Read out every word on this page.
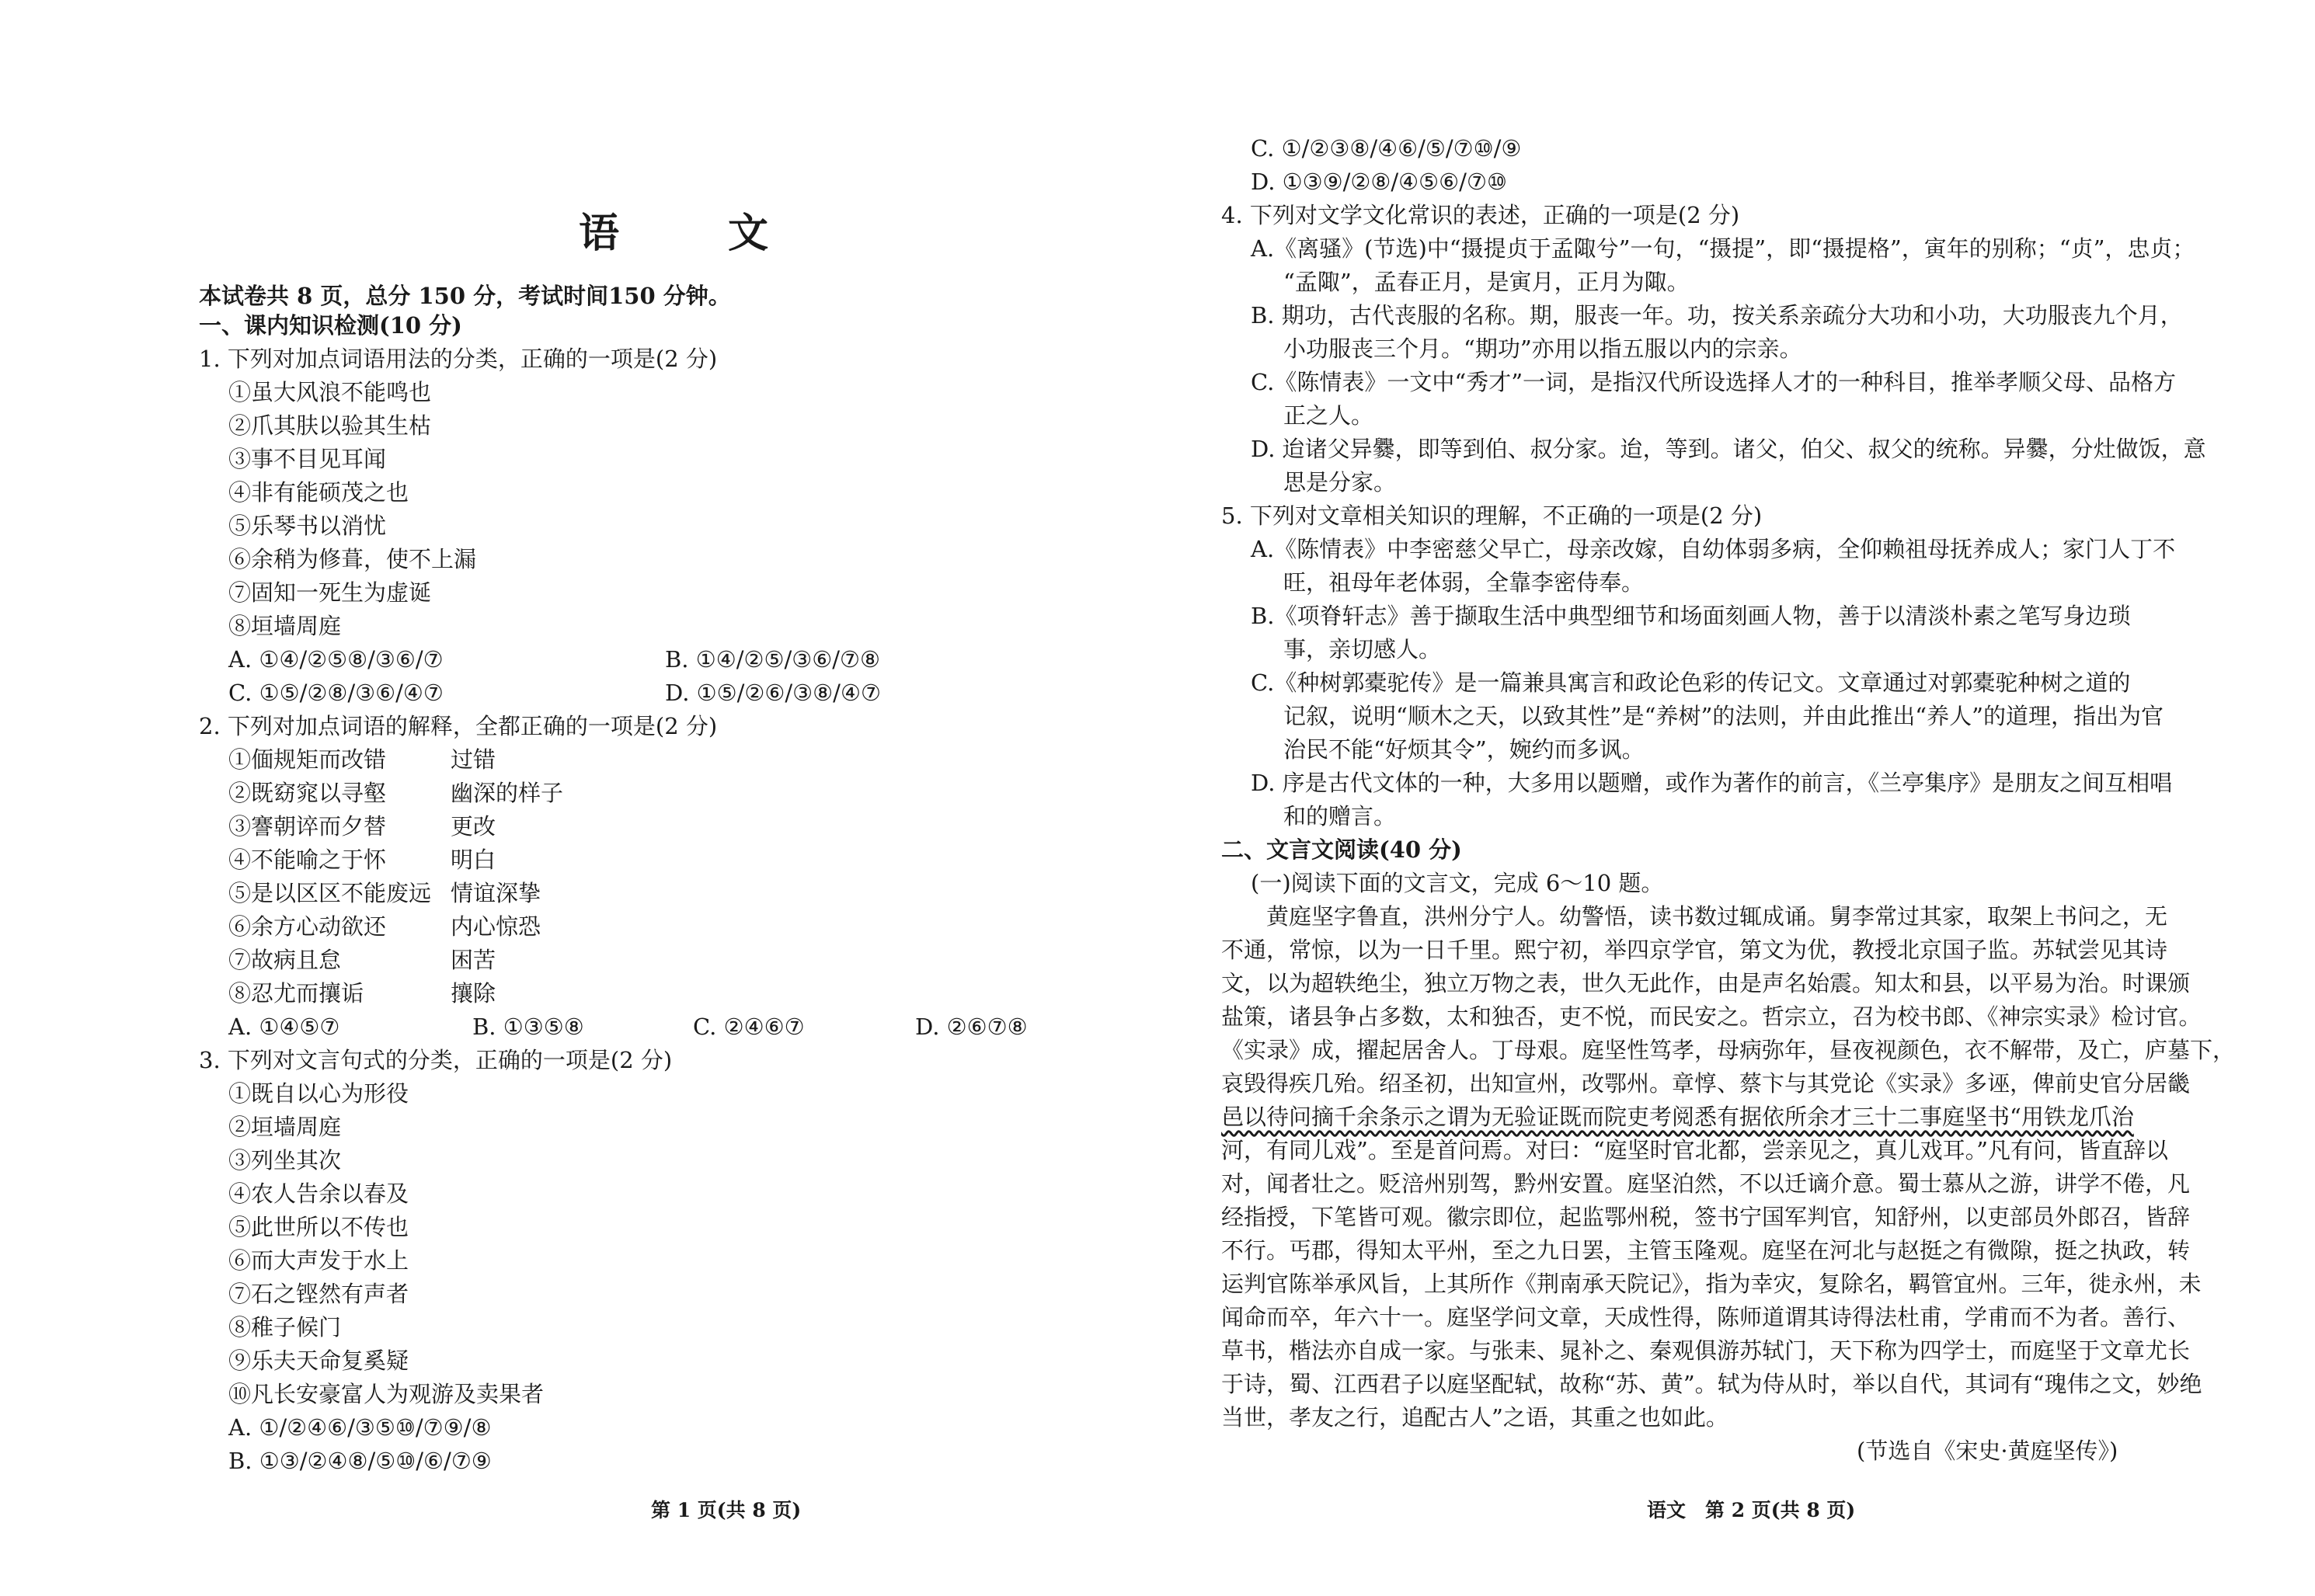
语　文
本试卷共 8 页，总分 150 分，考试时间150 分钟。
一、课内知识检测(10 分)
1. 下列对加点词语用法的分类，正确的一项是(2 分)
①虽大风浪不能鸣也
②爪其肤以验其生枯
③事不目见耳闻
④非有能硕茂之也
⑤乐琴书以消忧
⑥余稍为修葺，使不上漏
⑦固知一死生为虚诞
⑧垣墙周庭
A. ①④/②⑤⑧/③⑥/⑦	B. ①④/②⑤/③⑥/⑦⑧
C. ①⑤/②⑧/③⑥/④⑦	D. ①⑤/②⑥/③⑧/④⑦
2. 下列对加点词语的解释，全都正确的一项是(2 分)
①偭规矩而改错	过错
②既窈窕以寻壑	幽深的样子
③謇朝谇而夕替	更改
④不能喻之于怀	明白
⑤是以区区不能废远 情谊深挚
⑥余方心动欲还	内心惊恐
⑦故病且怠	困苦
⑧忍尤而攘诟	攘除
A. ①④⑤⑦	B. ①③⑤⑧	C. ②④⑥⑦	D. ②⑥⑦⑧
3. 下列对文言句式的分类，正确的一项是(2 分)
①既自以心为形役
②垣墙周庭
③列坐其次
④农人告余以春及
⑤此世所以不传也
⑥而大声发于水上
⑦石之铿然有声者
⑧稚子候门
⑨乐夫天命复奚疑
⑩凡长安豪富人为观游及卖果者
A. ①/②④⑥/③⑤⑩/⑦⑨/⑧
B. ①③/②④⑧/⑤⑩/⑥/⑦⑨
第 1 页(共 8 页)
C. ①/②③⑧/④⑥/⑤/⑦⑩/⑨
D. ①③⑨/②⑧/④⑤⑥/⑦⑩
4. 下列对文学文化常识的表述，正确的一项是(2 分)
A.《离骚》(节选)中“摄提贞于孟陬兮”一句，“摄提”，即“摄提格”，寅年的别称；“贞”，忠贞；
“孟陬”，孟春正月，是寅月，正月为陬。
B. 期功，古代丧服的名称。期，服丧一年。功，按关系亲疏分大功和小功，大功服丧九个月，
小功服丧三个月。“期功”亦用以指五服以内的宗亲。
C.《陈情表》一文中“秀才”一词，是指汉代所设选择人才的一种科目，推举孝顺父母、品格方
正之人。
D. 迨诸父异爨，即等到伯、叔分家。迨，等到。诸父，伯父、叔父的统称。异爨，分灶做饭，意
思是分家。
5. 下列对文章相关知识的理解，不正确的一项是(2 分)
A.《陈情表》中李密慈父早亡，母亲改嫁，自幼体弱多病，全仰赖祖母抚养成人；家门人丁不
旺，祖母年老体弱，全靠李密侍奉。
B.《项脊轩志》善于撷取生活中典型细节和场面刻画人物，善于以清淡朴素之笔写身边琐
事，亲切感人。
C.《种树郭橐驼传》是一篇兼具寓言和政论色彩的传记文。文章通过对郭橐驼种树之道的
记叙，说明“顺木之天，以致其性”是“养树”的法则，并由此推出“养人”的道理，指出为官
治民不能“好烦其令”，婉约而多讽。
D. 序是古代文体的一种，大多用以题赠，或作为著作的前言，《兰亭集序》是朋友之间互相唱
和的赠言。
二、文言文阅读(40 分)
(一)阅读下面的文言文，完成 6～10 题。
　　黄庭坚字鲁直，洪州分宁人。幼警悟，读书数过辄成诵。舅李常过其家，取架上书问之，无
不通，常惊，以为一日千里。熙宁初，举四京学官，第文为优，教授北京国子监。苏轼尝见其诗
文，以为超轶绝尘，独立万物之表，世久无此作，由是声名始震。知太和县，以平易为治。时课颁
盐策，诸县争占多数，太和独否，吏不悦，而民安之。哲宗立，召为校书郎、《神宗实录》检讨官。
《实录》成，擢起居舍人。丁母艰。庭坚性笃孝，母病弥年，昼夜视颜色，衣不解带，及亡，庐墓下，
哀毁得疾几殆。绍圣初，出知宣州，改鄂州。章惇、蔡卞与其党论《实录》多诬，俾前史官分居畿
邑以待问摘千余条示之谓为无验证既而院吏考阅悉有据依所余才三十二事庭坚书“用铁龙爪治
河，有同儿戏”。至是首问焉。对曰：“庭坚时官北都，尝亲见之，真儿戏耳。”凡有问，皆直辞以
对，闻者壮之。贬涪州别驾，黔州安置。庭坚泊然，不以迁谪介意。蜀士慕从之游，讲学不倦，凡
经指授，下笔皆可观。徽宗即位，起监鄂州税，签书宁国军判官，知舒州，以吏部员外郎召，皆辞
不行。丐郡，得知太平州，至之九日罢，主管玉隆观。庭坚在河北与赵挺之有微隙，挺之执政，转
运判官陈举承风旨，上其所作《荆南承天院记》，指为幸灾，复除名，羁管宜州。三年，徙永州，未
闻命而卒，年六十一。庭坚学问文章，天成性得，陈师道谓其诗得法杜甫，学甫而不为者。善行、
草书，楷法亦自成一家。与张耒、晁补之、秦观俱游苏轼门，天下称为四学士，而庭坚于文章尤长
于诗，蜀、江西君子以庭坚配轼，故称“苏、黄”。轼为侍从时，举以自代，其词有“瑰伟之文，妙绝
当世，孝友之行，追配古人”之语，其重之也如此。
(节选自《宋史·黄庭坚传》)
语文　第 2 页(共 8 页)
